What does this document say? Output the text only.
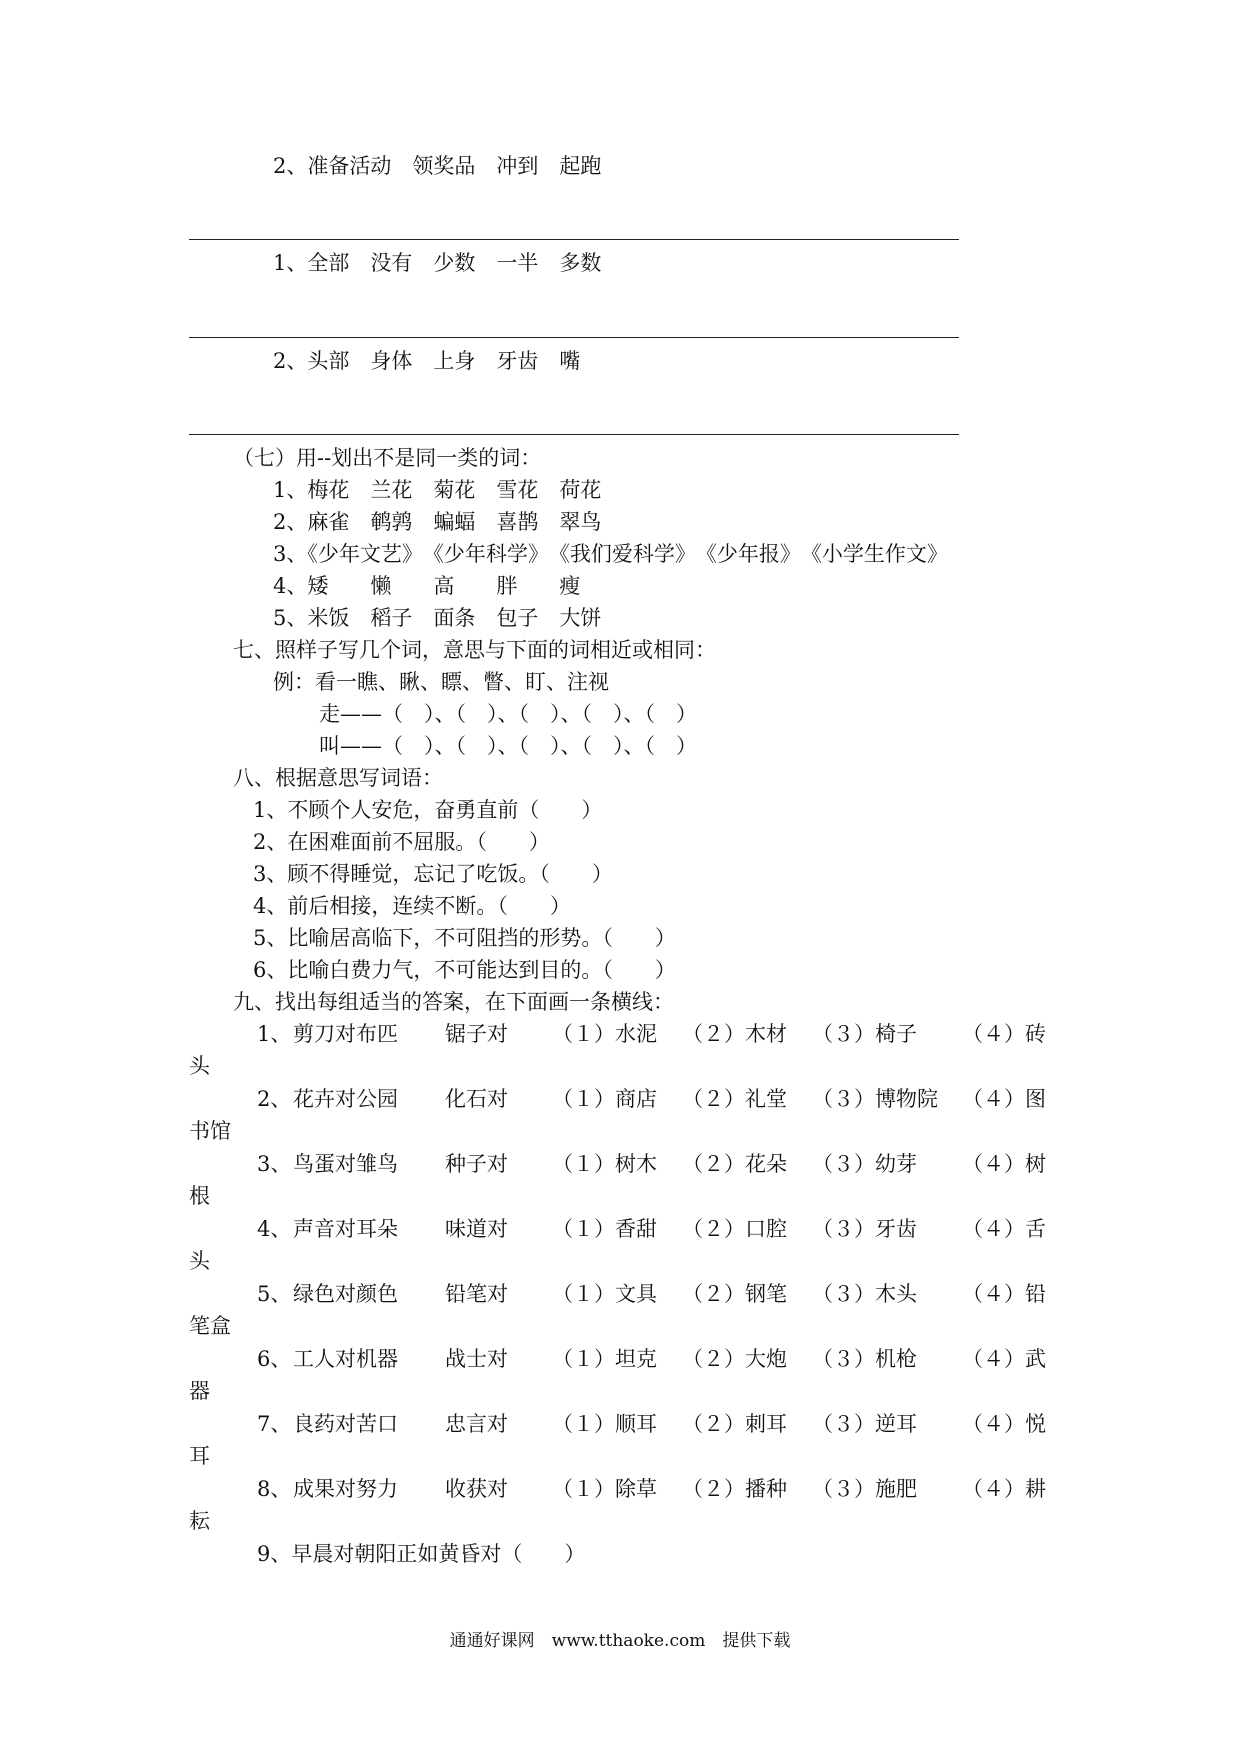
2、准备活动　领奖品　冲到　起跑
1、全部　没有　少数　一半　多数
2、头部　身体　上身　牙齿　嘴
（七）用--划出不是同一类的词：
1、梅花　兰花　菊花　雪花　荷花
2、麻雀　鹌鹑　蝙蝠　喜鹊　翠鸟
3、《少年文艺》　《少年科学》　《我们爱科学》　《少年报》　《小学生作文》
4、矮　　懒　　高　　胖　　瘦
5、米饭　稻子　面条　包子　大饼
七、照样子写几个词，意思与下面的词相近或相同：
例：看一瞧、瞅、瞟、瞥、盯、注视
走——（　）、（　）、（　）、（　）、（　）
叫——（　）、（　）、（　）、（　）、（　）
八、根据意思写词语：
1、不顾个人安危，奋勇直前（　　）
2、在困难面前不屈服。（　　）
3、顾不得睡觉，忘记了吃饭。（　　）
4、前后相接，连续不断。（　　）
5、比喻居高临下，不可阻挡的形势。（　　）
6、比喻白费力气，不可能达到目的。（　　）
九、找出每组适当的答案，在下面画一条横线：
1、 剪刀对布匹 锯子对 （１）水泥 （２）木材 （３）椅子 （４）砖
头
2、 花卉对公园 化石对 （１）商店 （２）礼堂 （３）博物院 （４）图
书馆
3、 鸟蛋对雏鸟 种子对 （１）树木 （２）花朵 （３）幼芽 （４）树
根
4、 声音对耳朵 味道对 （１）香甜 （２）口腔 （３）牙齿 （４）舌
头
5、 绿色对颜色 铅笔对 （１）文具 （２）钢笔 （３）木头 （４）铅
笔盒
6、 工人对机器 战士对 （１）坦克 （２）大炮 （３）机枪 （４）武
器
7、 良药对苦口 忠言对 （１）顺耳 （２）刺耳 （３）逆耳 （４）悦
耳
8、 成果对努力 收获对 （１）除草 （２）播种 （３）施肥 （４）耕
耘
9、早晨对朝阳正如黄昏对（　　）
通通好课网　www.tthaoke.com　提供下载
